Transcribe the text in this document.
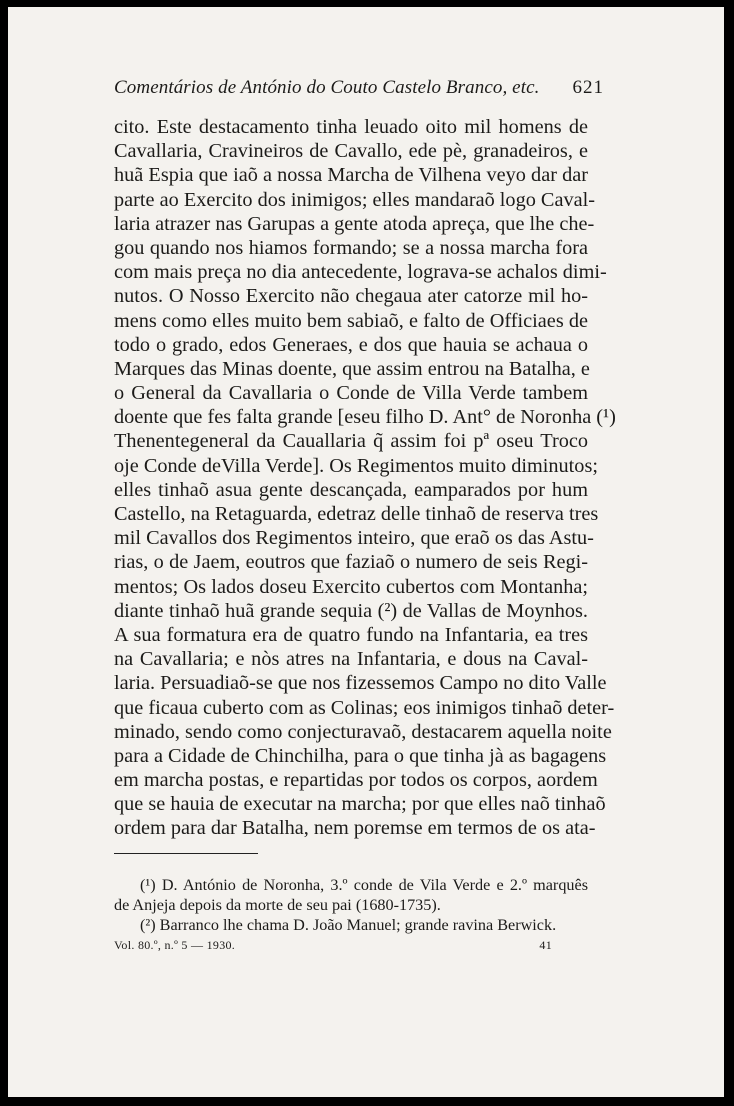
Comentários de António do Couto Castelo Branco, etc. 621
cito. Este destacamento tinha leuado oito mil homens de
Cavallaria, Cravineiros de Cavallo, ede pè, granadeiros, e
huã Espia que iaõ a nossa Marcha de Vilhena veyo dar dar
parte ao Exercito dos inimigos; elles mandaraõ logo Caval-
laria atrazer nas Garupas a gente atoda apreça, que lhe che-
gou quando nos hiamos formando; se a nossa marcha fora
com mais preça no dia antecedente, lograva-se achalos dimi-
nutos. O Nosso Exercito não chegaua ater catorze mil ho-
mens como elles muito bem sabiaõ, e falto de Officiaes de
todo o grado, edos Generaes, e dos que hauia se achaua o
Marques das Minas doente, que assim entrou na Batalha, e
o General da Cavallaria o Conde de Villa Verde tambem
doente que fes falta grande [eseu filho D. Ant° de Noronha (¹)
Thenentegeneral da Cauallaria q̃ assim foi pª oseu Troco
oje Conde deVilla Verde]. Os Regimentos muito diminutos;
elles tinhaõ asua gente descançada, eamparados por hum
Castello, na Retaguarda, edetraz delle tinhaõ de reserva tres
mil Cavallos dos Regimentos inteiro, que eraõ os das Astu-
rias, o de Jaem, eoutros que faziaõ o numero de seis Regi-
mentos; Os lados doseu Exercito cubertos com Montanha;
diante tinhaõ huã grande sequia (²) de Vallas de Moynhos.
A sua formatura era de quatro fundo na Infantaria, ea tres
na Cavallaria; e nòs atres na Infantaria, e dous na Caval-
laria. Persuadiaõ-se que nos fizessemos Campo no dito Valle
que ficaua cuberto com as Colinas; eos inimigos tinhaõ deter-
minado, sendo como conjecturavaõ, destacarem aquella noite
para a Cidade de Chinchilha, para o que tinha jà as bagagens
em marcha postas, e repartidas por todos os corpos, aordem
que se hauia de executar na marcha; por que elles naõ tinhaõ
ordem para dar Batalha, nem poremse em termos de os ata-
(¹) D. António de Noronha, 3.º conde de Vila Verde e 2.º marquês
de Anjeja depois da morte de seu pai (1680-1735).
(²) Barranco lhe chama D. João Manuel; grande ravina Berwick.
Vol. 80.º, n.º 5 — 1930.	41
